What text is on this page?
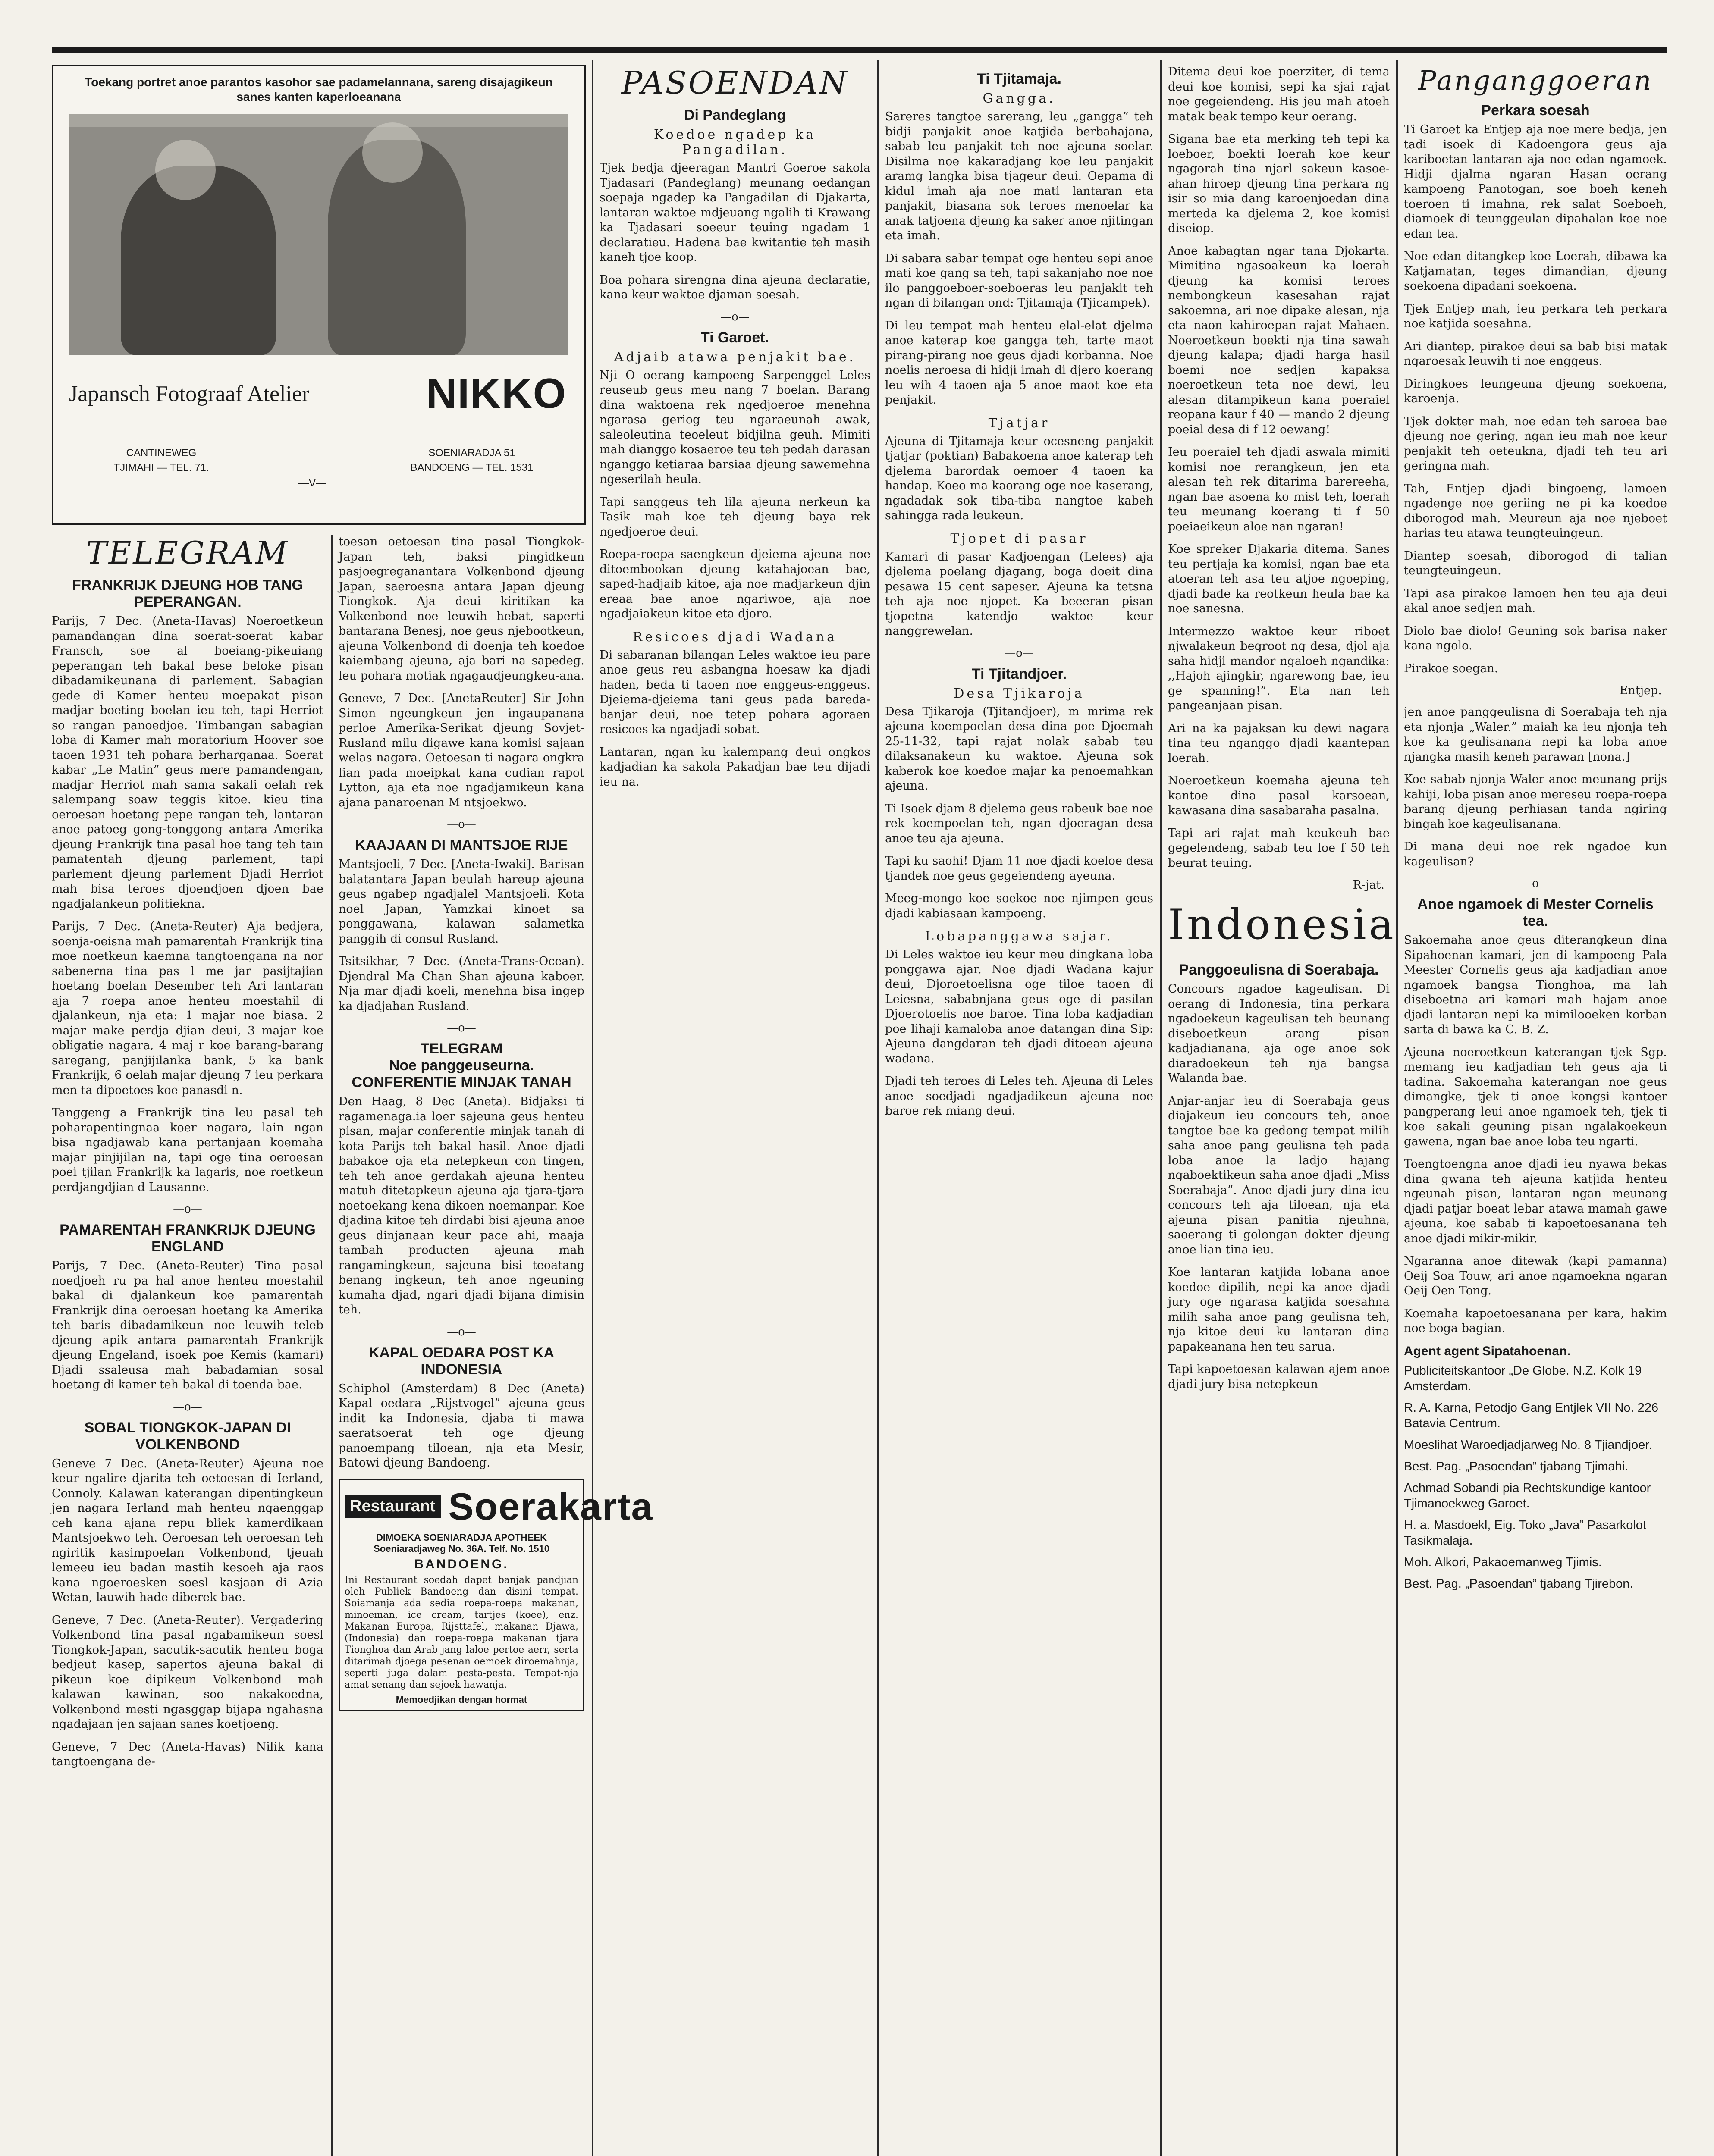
Toekang portret anoe parantos kasohor sae padamelannana, sareng disajagikeun sanes kanten kaperloeanana
Japansch Fotograaf Atelier	NIKKO
CANTINEWEG
TJIMAHI — TEL. 71.
—V—
SOENIARADJA 51
BANDOENG — TEL. 1531
TELEGRAM
FRANKRIJK DJEUNG HOB TANG PEPERANGAN.

Parijs, 7 Dec. (Aneta-Havas) Noeroetkeun pamandangan dina soerat-soerat kabar Fransch, soe al boeiang-pikeuiang peperangan teh bakal bese beloke pisan dibadamikeunana di parlement. Sabagian gede di Kamer henteu moepakat pisan madjar boeting boelan ieu teh, tapi Herriot so rangan panoedjoe. Timbangan sabagian loba di Kamer mah moratorium Hoover soe taoen 1931 teh pohara berharganaa. Soerat kabar „Le Matin” geus mere pamandengan, madjar Herriot mah sama sakali oelah rek salempang soaw teggis kitoe. kieu tina oeroesan hoetang pepe rangan teh, lantaran anoe patoeg gong-tonggong antara Amerika djeung Frankrijk tina pasal hoe tang teh tain pamatentah djeung parlement, tapi parlement djeung parlement Djadi Herriot mah bisa teroes djoendjoen djoen bae ngadjalankeun politiekna.

Parijs, 7 Dec. (Aneta-Reuter) Aja bedjera, soenja-oeisna mah pamarentah Frankrijk tina moe noetkeun kaemna tangtoengana na nor sabenerna tina pas l me jar pasijtajian hoetang boelan Desember teh Ari lantaran aja 7 roepa anoe henteu moestahil di djalankeun, nja eta: 1 majar noe biasa. 2 majar make perdja djian deui, 3 majar koe obligatie nagara, 4 maj r koe barang-barang saregang, panjijilanka bank, 5 ka bank Frankrijk, 6 oelah majar djeung 7 ieu perkara men ta dipoetoes koe panasdi n.

Tanggeng a Frankrijk tina leu pasal teh poharapentingnaa koer nagara, lain ngan bisa ngadjawab kana pertanjaan koemaha majar pinjijilan na, tapi oge tina oeroesan poei tjilan Frankrijk ka lagaris, noe roetkeun perdjangdjian d Lausanne.

—o—
PAMARENTAH FRANKRIJK DJEUNG ENGLAND

Parijs, 7 Dec. (Aneta-Reuter) Tina pasal noedjoeh ru pa hal anoe henteu moestahil bakal di djalankeun koe pamarentah Frankrijk dina oeroesan hoetang ka Amerika teh baris dibadamikeun noe leuwih teleb djeung apik antara pamarentah Frankrijk djeung Engeland, isoek poe Kemis (kamari) Djadi ssaleusa mah babadamian sosal hoetang di kamer teh bakal di toenda bae.

—o—
SOBAL TIONGKOK-JAPAN DI VOLKENBOND

Geneve 7 Dec. (Aneta-Reuter) Ajeuna noe keur ngalire djarita teh oetoesan di Ierland, Connoly. Kalawan katerangan dipentingkeun jen nagara Ierland mah henteu ngaenggap ceh kana ajana repu bliek kamerdikaan Mantsjoekwo teh. Oeroesan teh oeroesan teh ngiritik kasimpoelan Volkenbond, tjeuah lemeeu ieu badan mastih kesoeh aja raos kana ngoeroesken soesl kasjaan di Azia Wetan, lauwih hade diberek bae.

Geneve, 7 Dec. (Aneta-Reuter). Vergadering Volkenbond tina pasal ngabamikeun soesl Tiongkok-Japan, sacutik-sacutik henteu boga bedjeut kasep, sapertos ajeuna bakal di pikeun koe dipikeun Volkenbond mah kalawan kawinan, soo nakakoedna, Volkenbond mesti ngasggap bijapa ngahasna ngadajaan jen sajaan sanes koetjoeng.

Geneve, 7 Dec (Aneta-Havas) Nilik kana tangtoengana de-

toesan oetoesan tina pasal Tiongkok-Japan teh, baksi pingidkeun pasjoegreganantara Volkenbond djeung Japan, saeroesna antara Japan djeung Tiongkok. Aja deui kiritikan ka Volkenbond noe leuwih hebat, saperti bantarana Benesj, noe geus njebootkeun, ajeuna Volkenbond di doenja teh koedoe kaiembang ajeuna, aja bari na sapedeg. leu pohara motiak ngagaudjeungkeu-ana.

Geneve, 7 Dec. [AnetaReuter] Sir John Simon ngeungkeun jen ingaupanana perloe Amerika-Serikat djeung Sovjet-Rusland milu digawe kana komisi sajaan welas nagara. Oetoesan ti nagara ongkra lian pada moeipkat kana cudian rapot Lytton, aja eta noe ngadjamikeun kana ajana panaroenan M ntsjoekwo.

—o—
KAAJAAN DI MANTSJOE RIJE

Mantsjoeli, 7 Dec. [Aneta-Iwaki]. Barisan balatantara Japan beulah hareup ajeuna geus ngabep ngadjalel Mantsjoeli. Kota noel Japan, Yamzkai kinoet sa ponggawana, kalawan salametka panggih di consul Rusland.

Tsitsikhar, 7 Dec. (Aneta-Trans-Ocean). Djendral Ma Chan Shan ajeuna kaboer. Nja mar djadi koeli, menehna bisa ingep ka djadjahan Rusland.

—o—
TELEGRAM
Noe panggeuseurna.
CONFERENTIE MINJAK TANAH

Den Haag, 8 Dec (Aneta). Bidjaksi ti ragamenaga.ia loer sajeuna geus henteu pisan, majar conferentie minjak tanah di kota Parijs teh bakal hasil. Anoe djadi babakoe oja eta netepkeun con tingen, teh teh anoe gerdakah ajeuna henteu matuh ditetapkeun ajeuna aja tjara-tjara noetoekang kena dikoen noemanpar. Koe djadina kitoe teh dirdabi bisi ajeuna anoe geus dinjanaan keur pace ahi, maaja tambah producten ajeuna mah rangamingkeun, sajeuna bisi teoatang benang ingkeun, teh anoe ngeuning kumaha djad, ngari djadi bijana dimisin teh.

—o—
KAPAL OEDARA POST KA INDONESIA

Schiphol (Amsterdam) 8 Dec (Aneta) Kapal oedara „Rijstvogel” ajeuna geus indit ka Indonesia, djaba ti mawa saeratsoerat teh oge djeung panoempang tiloean, nja eta Mesir, Batowi djeung Bandoeng.

Restaurant Soerakarta
DIMOEKA SOENIARADJA APOTHEEK
Soeniaradjaweg No. 36A. Telf. No. 1510
BANDOENG.
Ini Restaurant soedah dapet banjak pandjian oleh Publiek Bandoeng dan disini tempat. Soiamanja ada sedia roepa-roepa makanan, minoeman, ice cream, tartjes (koee), enz. Makanan Europa, Rijsttafel, makanan Djawa, (Indonesia) dan roepa-roepa makanan tjara Tionghoa dan Arab jang laloe pertoe aerr, serta ditarimah djoega pesenan oemoek diroemahnja, seperti juga dalam pesta-pesta. Tempat-nja amat senang dan sejoek hawanja.
Memoedjikan dengan hormat
PASOENDAN
Di Pandeglang
Koedoe ngadep ka Pangadilan.

Tjek bedja djeeragan Mantri Goeroe sakola Tjadasari (Pandeglang) meunang oedangan soepaja ngadep ka Pangadilan di Djakarta, lantaran waktoe mdjeuang ngalih ti Krawang ka Tjadasari soeeur teuing ngadam 1 declaratieu. Hadena bae kwitantie teh masih kaneh tjoe koop.

Boa pohara sirengna dina ajeuna declaratie, kana keur waktoe djaman soesah.

—o—
Ti Garoet.
Adjaib atawa penjakit bae.

Nji O oerang kampoeng Sarpenggel Leles reuseub geus meu nang 7 boelan. Barang dina waktoena rek ngedjoeroe menehna ngarasa geriog teu ngaraeunah awak, saleoleutina teoeleut bidjilna geuh. Mimiti mah dianggo kosaeroe teu teh pedah darasan nganggo ketiaraa barsiaa djeung sawemehna ngeserilah heula.

Tapi sanggeus teh lila ajeuna nerkeun ka Tasik mah koe teh djeung baya rek ngedjoeroe deui.

Roepa-roepa saengkeun djeiema ajeuna noe ditoembookan djeung katahajoean bae, saped-hadjaib kitoe, aja noe madjarkeun djin ereaa bae anoe ngariwoe, aja noe ngadjaiakeun kitoe eta djoro.

Resicoes djadi Wadana

Di sabaranan bilangan Leles waktoe ieu pare anoe geus reu asbangna hoesaw ka djadi haden, beda ti taoen noe enggeus-enggeus. Djeiema-djeiema tani geus pada bareda-banjar deui, noe tetep pohara agoraen resicoes ka ngadjadi sobat.

Lantaran, ngan ku kalempang deui ongkos kadjadian ka sakola Pakadjan bae teu dijadi ieu na.

Ti Tjitamaja.
Gangga.

Sareres tangtoe sarerang, leu „gangga” teh bidji panjakit anoe katjida berbahajana, sabab leu panjakit teh noe ajeuna soelar. Disilma noe kakaradjang koe leu panjakit aramg langka bisa tjageur deui. Oepama di kidul imah aja noe mati lantaran eta panjakit, biasana sok teroes menoelar ka anak tatjoena djeung ka saker anoe njitingan eta imah.

Di sabara sabar tempat oge henteu sepi anoe mati koe gang sa teh, tapi sakanjaho noe noe ilo panggoeboer-soeboeras leu panjakit teh ngan di bilangan ond: Tjitamaja (Tjicampek).

Di leu tempat mah henteu elal-elat djelma anoe katerap koe gangga teh, tarte maot pirang-pirang noe geus djadi korbanna. Noe noelis neroesa di hidji imah di djero koerang leu wih 4 taoen aja 5 anoe maot koe eta penjakit.

Tjatjar

Ajeuna di Tjitamaja keur ocesneng panjakit tjatjar (poktian) Babakoena anoe katerap teh djelema barordak oemoer 4 taoen ka handap. Koeo ma kaorang oge noe kaserang, ngadadak sok tiba-tiba nangtoe kabeh sahingga rada leukeun.

Tjopet di pasar

Kamari di pasar Kadjoengan (Lelees) aja djelema poelang djagang, boga doeit dina pesawa 15 cent sapeser. Ajeuna ka tetsna teh aja noe njopet. Ka beeeran pisan tjopetna katendjo waktoe keur nanggrewelan.

—o—
Ti Tjitandjoer.
Desa Tjikaroja

Desa Tjikaroja (Tjitandjoer), m mrima rek ajeuna koempoelan desa dina poe Djoemah 25-11-32, tapi rajat nolak sabab teu dilaksanakeun ku waktoe. Ajeuna sok kaberok koe koedoe majar ka penoemahkan ajeuna.

Ti Isoek djam 8 djelema geus rabeuk bae noe rek koempoelan teh, ngan djoeragan desa anoe teu aja ajeuna.

Tapi ku saohi! Djam 11 noe djadi koeloe desa tjandek noe geus gegeiendeng ayeuna.

Meeg-mongo koe soekoe noe njimpen geus djadi kabiasaan kampoeng.

Lobapanggawa sajar.

Di Leles waktoe ieu keur meu dingkana loba ponggawa ajar. Noe djadi Wadana kajur deui, Djoroetoelisna oge tiloe taoen di Leiesna, sababnjana geus oge di pasilan Djoerotoelis noe baroe. Tina loba kadjadian poe lihaji kamaloba anoe datangan dina Sip: Ajeuna dangdaran teh djadi ditoean ajeuna wadana.

Djadi teh teroes di Leles teh. Ajeuna di Leles anoe soedjadi ngadjadikeun ajeuna noe baroe rek miang deui.

Ditema deui koe poerziter, di tema deui koe komisi, sepi ka sjai rajat noe gegeiendeng. His jeu mah atoeh matak beak tempo keur oerang.

Sigana bae eta merking teh tepi ka loeboer, boekti loerah koe keur ngagorah tina njarl sakeun kasoe-ahan hiroep djeung tina perkara ng isir so mia dang karoenjoedan dina merteda ka djelema 2, koe komisi diseiop.

Anoe kabagtan ngar tana Djokarta. Mimitina ngasoakeun ka loerah djeung ka komisi teroes nembongkeun kasesahan rajat sakoemna, ari noe dipake alesan, nja eta naon kahiroepan rajat Mahaen. Noeroetkeun boekti nja tina sawah djeung kalapa; djadi harga hasil boemi noe sedjen kapaksa noeroetkeun teta noe dewi, leu alesan ditampikeun kana poeraiel reopana kaur f 40 — mando 2 djeung poeial desa di f 12 oewang!

Ieu poeraiel teh djadi aswala mimiti komisi noe rerangkeun, jen eta alesan teh rek ditarima barereeha, ngan bae asoena ko mist teh, loerah teu meunang koerang ti f 50 poeiaeikeun aloe nan ngaran!

Koe spreker Djakaria ditema. Sanes teu pertjaja ka komisi, ngan bae eta atoeran teh asa teu atjoe ngoeping, djadi bade ka reotkeun heula bae ka noe sanesna.

Intermezzo waktoe keur riboet njwalakeun begroot ng desa, djol aja saha hidji mandor ngaloeh ngandika: ,,Hajoh ajingkir, ngarewong bae, ieu ge spanning!”. Eta nan teh pangeanjaan pisan.

Ari na ka pajaksan ku dewi nagara tina teu nganggo djadi kaantepan loerah.

Noeroetkeun koemaha ajeuna teh kantoe dina pasal karsoean, kawasana dina sasabaraha pasalna.

Tapi ari rajat mah keukeuh bae gegelendeng, sabab teu loe f 50 teh beurat teuing.

R-jat.
Indonesia
Panggoeulisna di Soerabaja.

Concours ngadoe kageulisan. Di oerang di Indonesia, tina perkara ngadoekeun kageulisan teh beunang diseboetkeun arang pisan kadjadianana, aja oge anoe sok diaradoekeun teh nja bangsa Walanda bae.

Anjar-anjar ieu di Soerabaja geus diajakeun ieu concours teh, anoe tangtoe bae ka gedong tempat milih saha anoe pang geulisna teh pada loba anoe la ladjo hajang ngaboektikeun saha anoe djadi „Miss Soerabaja”. Anoe djadi jury dina ieu concours teh aja tiloean, nja eta ajeuna pisan panitia njeuhna, saoerang ti golongan dokter djeung anoe lian tina ieu.

Koe lantaran katjida lobana anoe koedoe dipilih, nepi ka anoe djadi jury oge ngarasa katjida soesahna milih saha anoe pang geulisna teh, nja kitoe deui ku lantaran dina papakeanana hen teu sarua.

Tapi kapoetoesan kalawan ajem anoe djadi jury bisa netepkeun

Panganggoeran
Perkara soesah

Ti Garoet ka Entjep aja noe mere bedja, jen tadi isoek di Kadoengora geus aja kariboetan lantaran aja noe edan ngamoek. Hidji djalma ngaran Hasan oerang kampoeng Panotogan, soe boeh keneh toeroen ti imahna, rek salat Soeboeh, diamoek di teunggeulan dipahalan koe noe edan tea.

Noe edan ditangkep koe Loerah, dibawa ka Katjamatan, teges dimandian, djeung soekoena dipadani soekoena.

Tjek Entjep mah, ieu perkara teh perkara noe katjida soesahna.

Ari diantep, pirakoe deui sa bab bisi matak ngaroesak leuwih ti noe enggeus.

Diringkoes leungeuna djeung soekoena, karoenja.

Tjek dokter mah, noe edan teh saroea bae djeung noe gering, ngan ieu mah noe keur penjakit teh oeteukna, djadi teh teu ari geringna mah.

Tah, Entjep djadi bingoeng, lamoen ngadenge noe geriing ne pi ka koedoe diborogod mah. Meureun aja noe njeboet harias teu atawa teungteuingeun.

Diantep soesah, diborogod di talian teungteuingeun.

Tapi asa pirakoe lamoen hen teu aja deui akal anoe sedjen mah.

Diolo bae diolo! Geuning sok barisa naker kana ngolo.

Pirakoe soegan.

Entjep.

jen anoe panggeulisna di Soerabaja teh nja eta njonja „Waler.” maiah ka ieu njonja teh koe ka geulisanana nepi ka loba anoe njangka masih keneh parawan [nona.]

Koe sabab njonja Waler anoe meunang prijs kahiji, loba pisan anoe mereseu roepa-roepa barang djeung perhiasan tanda ngiring bingah koe kageulisanana.

Di mana deui noe rek ngadoe kun kageulisan?

—o—
Anoe ngamoek di Mester Cornelis tea.

Sakoemaha anoe geus diterangkeun dina Sipahoenan kamari, jen di kampoeng Pala Meester Cornelis geus aja kadjadian anoe ngamoek bangsa Tionghoa, ma lah diseboetna ari kamari mah hajam anoe djadi lantaran nepi ka mimilooeken korban sarta di bawa ka C. B. Z.

Ajeuna noeroetkeun katerangan tjek Sgp. memang ieu kadjadian teh geus aja ti tadina. Sakoemaha katerangan noe geus dimangke, tjek ti anoe kongsi kantoer pangperang leui anoe ngamoek teh, tjek ti koe sakali geuning pisan ngalakoekeun gawena, ngan bae anoe loba teu ngarti.

Toengtoengna anoe djadi ieu nyawa bekas dina gwana teh ajeuna katjida henteu ngeunah pisan, lantaran ngan meunang djadi patjar boeat lebar atawa mamah gawe ajeuna, koe sabab ti kapoetoesanana teh anoe djadi mikir-mikir.

Ngaranna anoe ditewak (kapi pamanna) Oeij Soa Touw, ari anoe ngamoekna ngaran Oeij Oen Tong.

Koemaha kapoetoesanana per kara, hakim noe boga bagian.

Agent agent Sipatahoenan.

Publiciteitskantoor „De Globe. N.Z. Kolk 19 Amsterdam.

R. A. Karna, Petodjo Gang Entjlek VII No. 226 Batavia Centrum.

Moeslihat Waroedjadjarweg No. 8 Tjiandjoer.

Best. Pag. „Pasoendan” tjabang Tjimahi.

Achmad Sobandi pia Rechtskundige kantoor Tjimanoekweg Garoet.

H. a. Masdoekl, Eig. Toko „Java” Pasarkolot Tasikmalaja.

Moh. Alkori, Pakaoemanweg Tjimis.

Best. Pag. „Pasoendan” tjabang Tjirebon.
